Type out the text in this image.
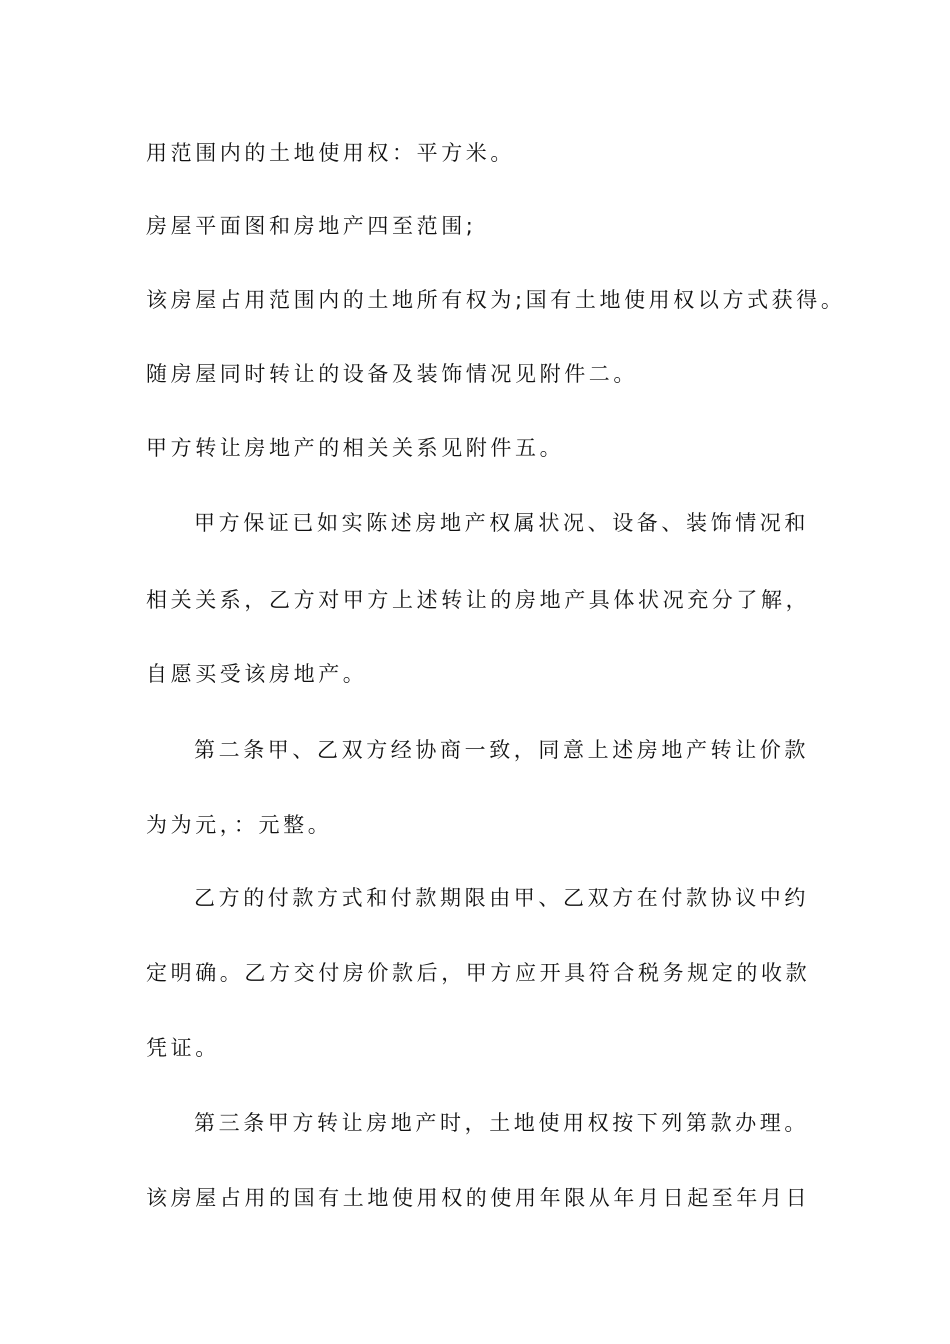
用范围内的土地使用权：平方米。
房屋平面图和房地产四至范围;
该房屋占用范围内的土地所有权为;国有土地使用权以方式获得。
随房屋同时转让的设备及装饰情况见附件二。
甲方转让房地产的相关关系见附件五。
甲方保证已如实陈述房地产权属状况、设备、装饰情况和
相关关系，乙方对甲方上述转让的房地产具体状况充分了解，
自愿买受该房地产。
第二条甲、乙双方经协商一致，同意上述房地产转让价款
为为元，：元整。
乙方的付款方式和付款期限由甲、乙双方在付款协议中约
定明确。乙方交付房价款后，甲方应开具符合税务规定的收款
凭证。
第三条甲方转让房地产时，土地使用权按下列第款办理。
该房屋占用的国有土地使用权的使用年限从年月日起至年月日
